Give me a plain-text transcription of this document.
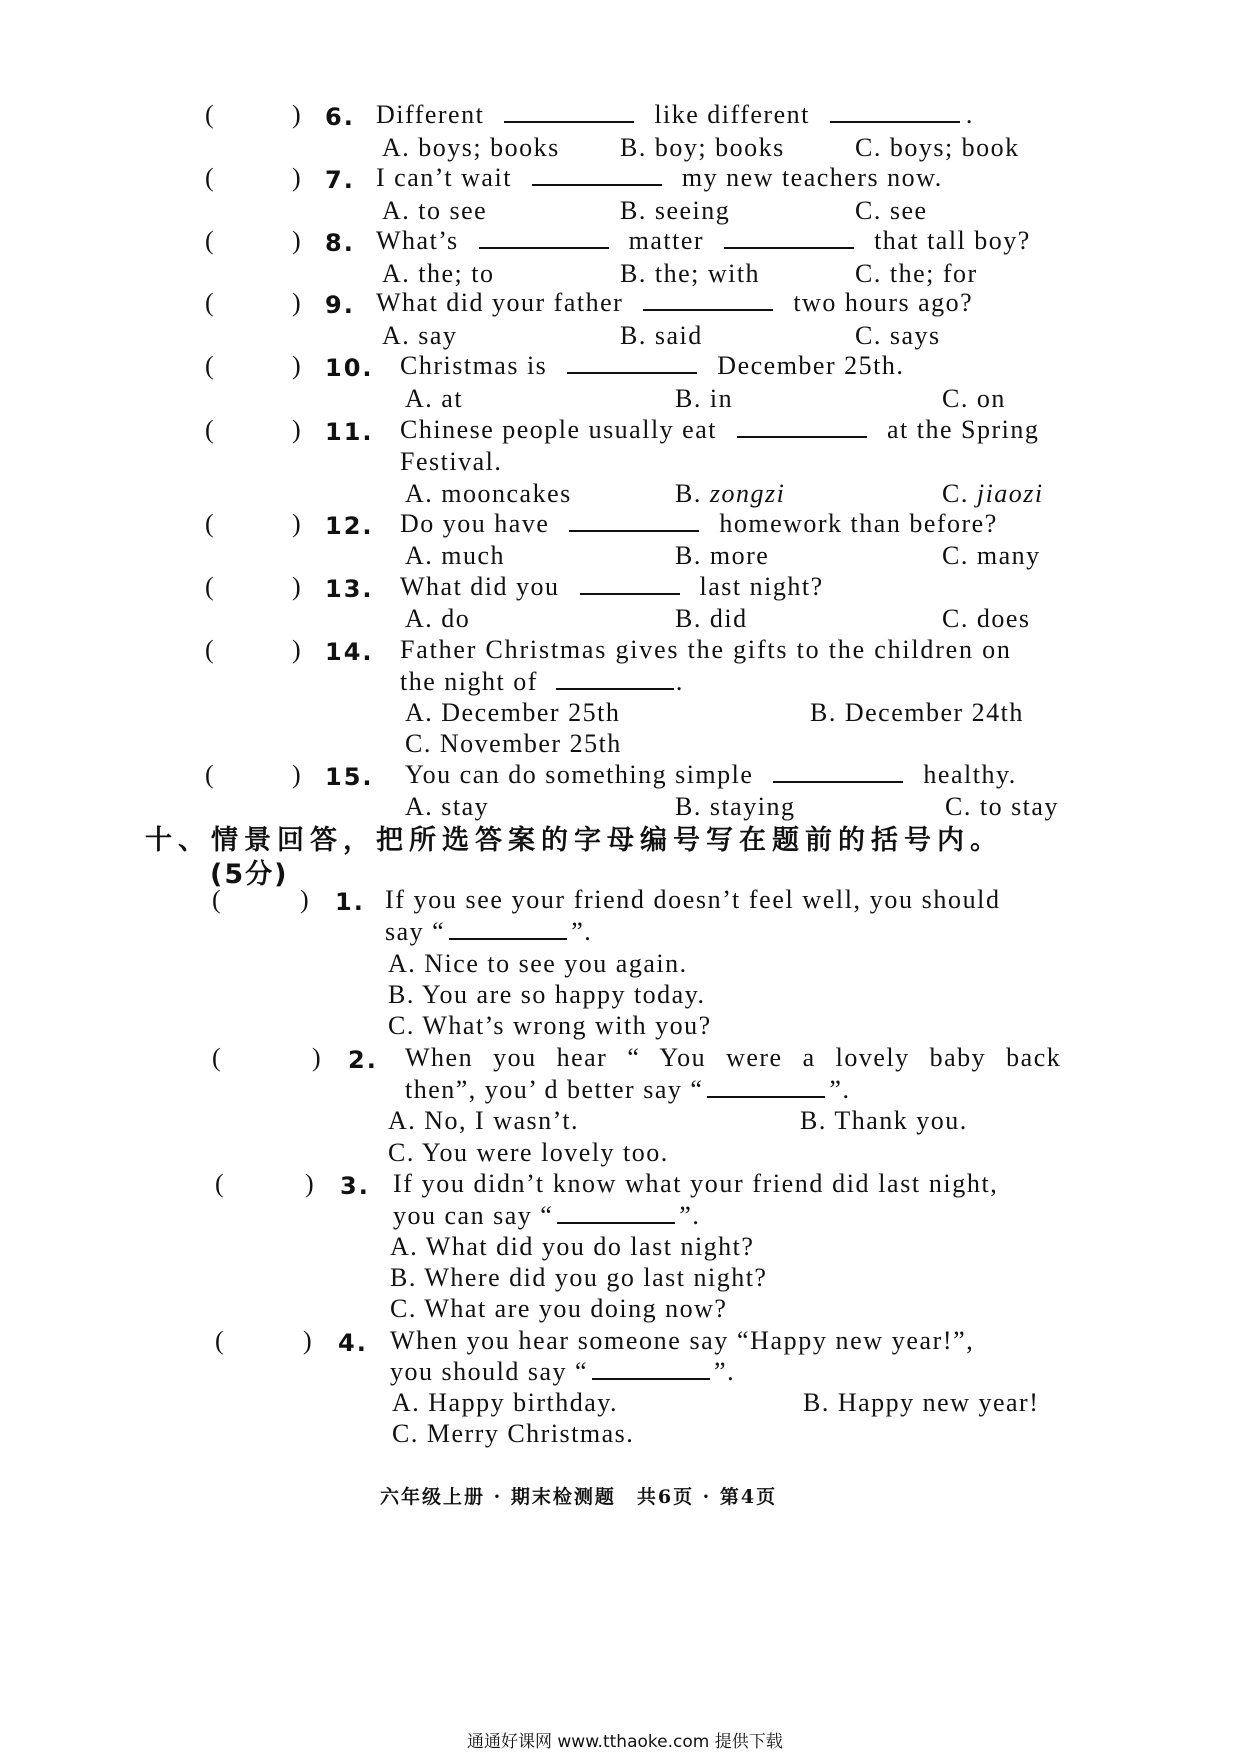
(	) 6. Different	like different	.
A. boys; books B. boy; books	C. boys; book
(	) 7. I can’t wait	my new teachers now.
A. to see	B. seeing	C. see
(	) 8. What’s	matter	that tall boy?
A. the; to	B. the; with	C. the; for
(	) 9. What did your father	two hours ago?
A. say	B. said	C. says
(	) 10. Christmas is	December 25th.
A. at	B. in	C. on
(	) 11. Chinese people usually eat	at the Spring
Festival.
A. mooncakes	B. zongzi	C. jiaozi
(	) 12. Do you have	homework than before?
A. much	B. more	C. many
(	) 13. What did you	last night?
A. do	B. did	C. does
(	) 14. Father Christmas gives the gifts to the children on
the night of	.
A. December 25th	B. December 24th
C. November 25th
(	) 15. You can do something simple	healthy.
A. stay	B. staying	C. to stay
十、情景回答，把所选答案的字母编号写在题前的括号内。
(5分)
(	) 1. If you see your friend doesn’t feel well, you should
say “	”.
A. Nice to see you again.
B. You are so happy today.
C. What’s wrong with you?
(	) 2. When you hear “ You were a lovely baby back
then”, you’ d better say “	”.
A. No, I wasn’t.	B. Thank you.
C. You were lovely too.
(	) 3. If you didn’t know what your friend did last night,
you can say “	”.
A. What did you do last night?
B. Where did you go last night?
C. What are you doing now?
(	) 4. When you hear someone say “Happy new year!”,
you should say “	”.
A. Happy birthday.	B. Happy new year!
C. Merry Christmas.
六年级上册 · 期末检测题　共6页 · 第4页
通通好课网 www.tthaoke.com 提供下载
